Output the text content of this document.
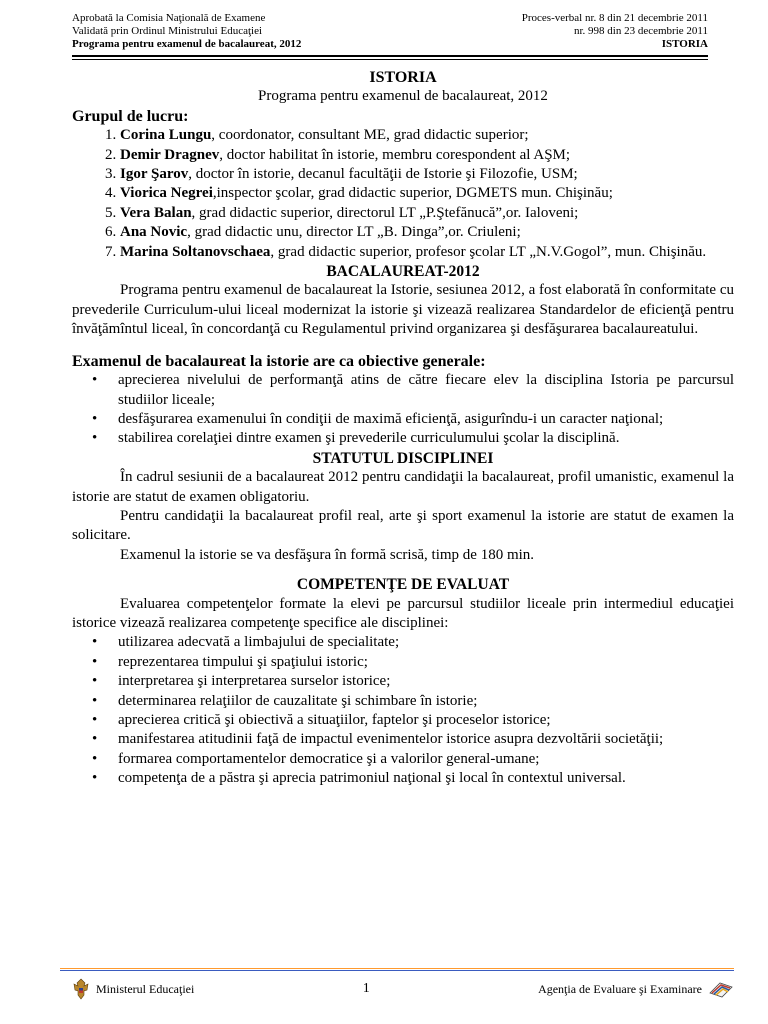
Aprobată la Comisia Naţională de Examene	Proces-verbal nr. 8 din 21 decembrie 2011
Validată prin Ordinul Ministrului Educaţiei	nr. 998 din 23 decembrie 2011
Programa pentru examenul de bacalaureat, 2012	ISTORIA

ISTORIA

Programa pentru examenul de bacalaureat, 2012

Grupul de lucru:

1. Corina Lungu, coordonator, consultant ME, grad didactic superior;
2. Demir Dragnev, doctor habilitat în istorie, membru corespondent al AŞM;
3. Igor Şarov, doctor în istorie, decanul facultăţii de Istorie şi Filozofie, USM;
4. Viorica Negrei,inspector şcolar, grad didactic superior, DGMETS mun. Chişinău;
5. Vera Balan, grad didactic superior, directorul LT „P.Ştefănucă”,or. Ialoveni;
6. Ana Novic, grad didactic unu, director LT „B. Dinga”,or. Criuleni;
7. Marina Soltanovschaea, grad didactic superior, profesor şcolar LT „N.V.Gogol”, mun. Chişinău.

BACALAUREAT-2012

Programa pentru examenul de bacalaureat la Istorie, sesiunea 2012, a fost elaborată în conformitate cu prevederile Curriculum-ului liceal modernizat la istorie şi vizează realizarea Standardelor de eficienţă pentru învăţămîntul liceal, în concordanţă cu Regulamentul privind organizarea şi desfăşurarea bacalaureatului.

Examenul de bacalaureat la istorie are ca obiective generale:

• aprecierea nivelului de performanţă atins de către fiecare elev la disciplina Istoria pe parcursul studiilor liceale;
• desfăşurarea examenului în condiţii de maximă eficienţă, asigurîndu-i un caracter naţional;
• stabilirea corelaţiei dintre examen şi prevederile curriculumului şcolar la disciplină.

STATUTUL DISCIPLINEI

În cadrul sesiunii de a bacalaureat 2012 pentru candidaţii la bacalaureat, profil umanistic, examenul la istorie are statut de examen obligatoriu.

Pentru candidaţii la bacalaureat profil real, arte şi sport examenul la istorie are statut de examen la solicitare.

Examenul la istorie se va desfăşura în formă scrisă, timp de 180 min.

COMPETENŢE DE EVALUAT

Evaluarea competenţelor formate la elevi pe parcursul studiilor liceale prin intermediul educaţiei istorice vizează realizarea competenţe specifice ale disciplinei:

• utilizarea adecvată a limbajului de specialitate;
• reprezentarea timpului şi spaţiului istoric;
• interpretarea şi interpretarea surselor istorice;
• determinarea relaţiilor de cauzalitate şi schimbare în istorie;
• aprecierea critică şi obiectivă a situaţiilor, faptelor şi proceselor istorice;
• manifestarea atitudinii faţă de impactul evenimentelor istorice asupra dezvoltării societăţii;
• formarea comportamentelor democratice şi a valorilor general-umane;
• competenţa de a păstra şi aprecia patrimoniul naţional şi local în contextul universal.
Ministerul Educaţiei	1	Agenţia de Evaluare şi Examinare
